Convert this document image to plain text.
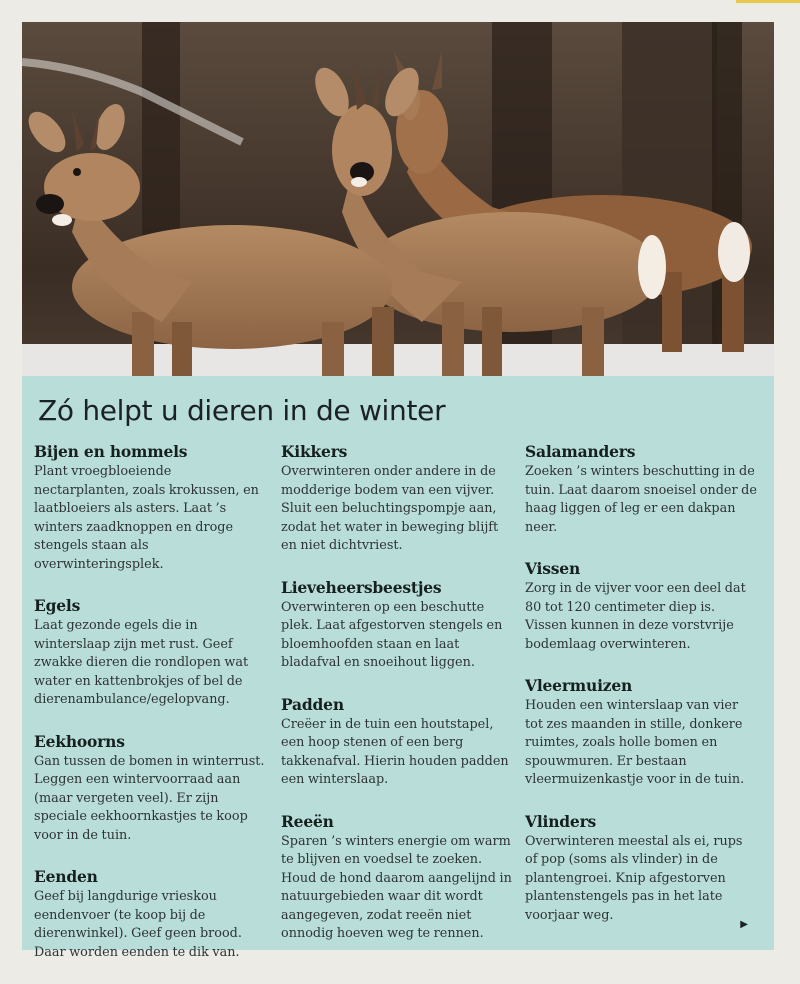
Zó helpt u dieren in de winter
Bijen en hommels

Plant vroegbloeiende nectarplanten, zoals krokussen, en laatbloeiers als asters. Laat ’s winters zaadknoppen en droge stengels staan als overwinteringsplek.

Egels

Laat gezonde egels die in winterslaap zijn met rust. Geef zwakke dieren die rondlopen wat water en kattenbrokjes of bel de dierenambulance/egelopvang.

Eekhoorns

Gan tussen de bomen in winterrust. Leggen een wintervoorraad aan (maar vergeten veel). Er zijn speciale eekhoornkastjes te koop voor in de tuin.

Eenden

Geef bij langdurige vrieskou eendenvoer (te koop bij de dierenwinkel). Geef geen brood. Daar worden eenden te dik van.

Kikkers

Overwinteren onder andere in de modderige bodem van een vijver. Sluit een beluchtingspompje aan, zodat het water in beweging blijft en niet dichtvriest.

Lieveheersbeestjes

Overwinteren op een beschutte plek. Laat afgestorven stengels en bloemhoofden staan en laat bladafval en snoeihout liggen.

Padden

Creëer in de tuin een houtstapel, een hoop stenen of een berg takkenafval. Hierin houden padden een winterslaap.

Reeën

Sparen ’s winters energie om warm te blijven en voedsel te zoeken. Houd de hond daarom aangelijnd in natuurgebieden waar dit wordt aangegeven, zodat reeën niet onnodig hoeven weg te rennen.

Salamanders

Zoeken ’s winters beschutting in de tuin. Laat daarom snoeisel onder de haag liggen of leg er een dakpan neer.

Vissen

Zorg in de vijver voor een deel dat 80 tot 120 centimeter diep is. Vissen kunnen in deze vorstvrije bodemlaag overwinteren.

Vleermuizen

Houden een winterslaap van vier tot zes maanden in stille, donkere ruimtes, zoals holle bomen en spouwmuren. Er bestaan vleermuizenkastje voor in de tuin.

Vlinders

Overwinteren meestal als ei, rups of pop (soms als vlinder) in de plantengroei. Knip afgestorven plantenstengels pas in het late voorjaar weg.

▶
